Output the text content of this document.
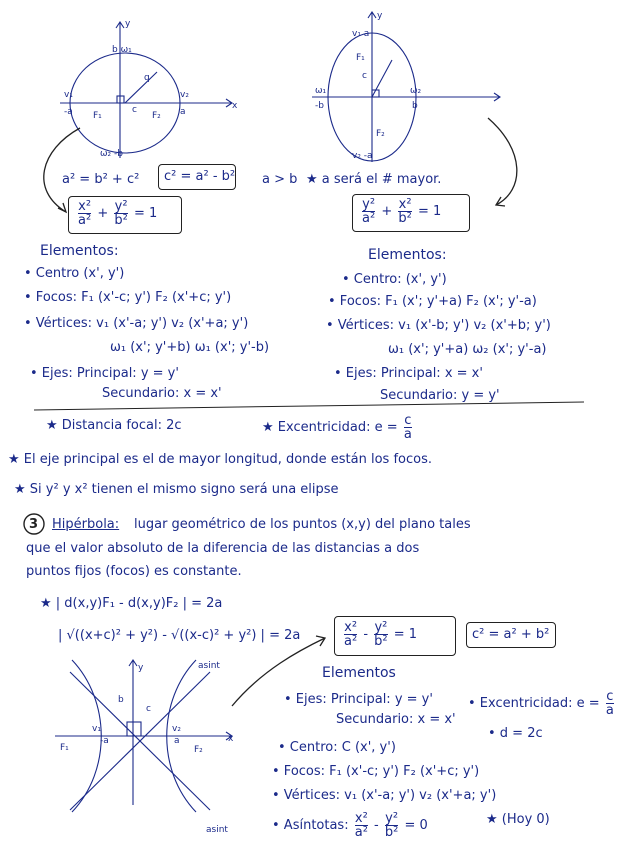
b ω₁
v₁
-a F₁
c
F₂
v₂
a
ω₂ -b
y
x
q
y
v₁ a
F₁
c
ω₁
-b
ω₂
b
F₂
v₂ -a
y	asint
b
c
v₁
-a
F₁
a
v₂
F₂
x
asint
a² = b² + c² c² = a² - b² a > b ★ a será el # mayor.
$\frac{\text{x²}}{\text{a²}} + \frac{\text{y²}}{\text{b²}} = 1$
Elementos:
• Centro (x', y')
• Focos: F₁ (x'-c; y') F₂ (x'+c; y')
• Vértices: v₁ (x'-a; y') v₂ (x'+a; y')
ω₁ (x'; y'+b) ω₁ (x'; y'-b)
• Ejes: Principal: y = y'
Secundario: x = x'
$\frac{\text{y²}}{\text{a²}} + \frac{\text{x²}}{\text{b²}} = 1$
Elementos:
• Centro: (x', y')
• Focos: F₁ (x'; y'+a) F₂ (x'; y'-a)
• Vértices: v₁ (x'-b; y') v₂ (x'+b; y')
ω₁ (x'; y'+a) ω₂ (x'; y'-a)
• Ejes: Principal: x = x'
Secundario: y = y'
★ Distancia focal: 2c	★ Excentricidad: $e = \frac{c}{a}$
★ El eje principal es el de mayor longitud, donde están los focos.
★ Si y² y x² tienen el mismo signo será una elipse
3 Hipérbola: lugar geométrico de los puntos (x,y) del plano tales
que el valor absoluto de la diferencia de las distancias a dos
puntos fijos (focos) es constante.
★ | d(x,y)F₁ - d(x,y)F₂ | = 2a
| √((x+c)² + y²) - √((x-c)² + y²) | = 2a	$\frac{\text{x²}}{\text{a²}} - \frac{\text{y²}}{\text{b²}} = 1$	c² = a² + b²
Elementos
• Ejes: Principal: y = y'
Secundario: x = x'
• Excentricidad: $e = \frac{c}{a}$
• d = 2c
• Centro: C (x', y')
• Focos: F₁ (x'-c; y') F₂ (x'+c; y')
• Vértices: v₁ (x'-a; y') v₂ (x'+a; y')
• Asíntotas: $\frac{\text{x²}}{\text{a²}} - \frac{\text{y²}}{\text{b²}} = 0$	★ (Hoy 0)
